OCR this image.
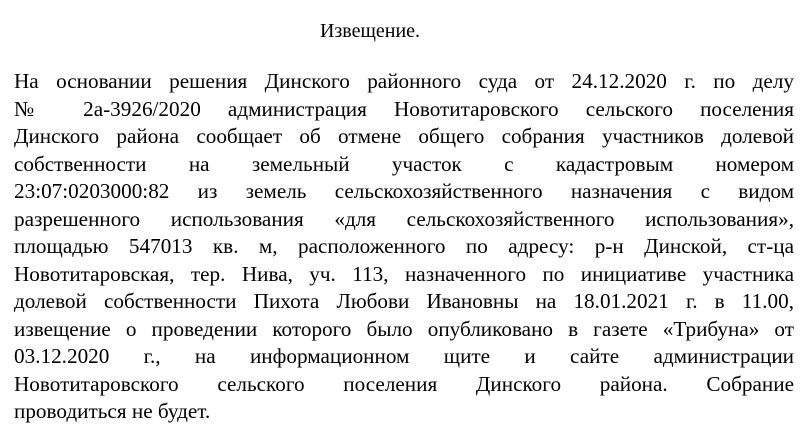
Извещение.
На основании решения Динского районного суда от 24.12.2020 г. по делу
№ 2а-3926/2020 администрация Новотитаровского сельского поселения
Динского района сообщает об отмене общего собрания участников долевой
собственности на земельный участок с кадастровым номером
23:07:0203000:82 из земель сельскохозяйственного назначения с видом
разрешенного использования «для сельскохозяйственного использования»,
площадью 547013 кв. м, расположенного по адресу: р-н Динской, ст-ца
Новотитаровская, тер. Нива, уч. 113, назначенного по инициативе участника
долевой собственности Пихота Любови Ивановны на 18.01.2021 г. в 11.00,
извещение о проведении которого было опубликовано в газете «Трибуна» от
03.12.2020 г., на информационном щите и сайте администрации
Новотитаровского сельского поселения Динского района. Собрание
проводиться не будет.
